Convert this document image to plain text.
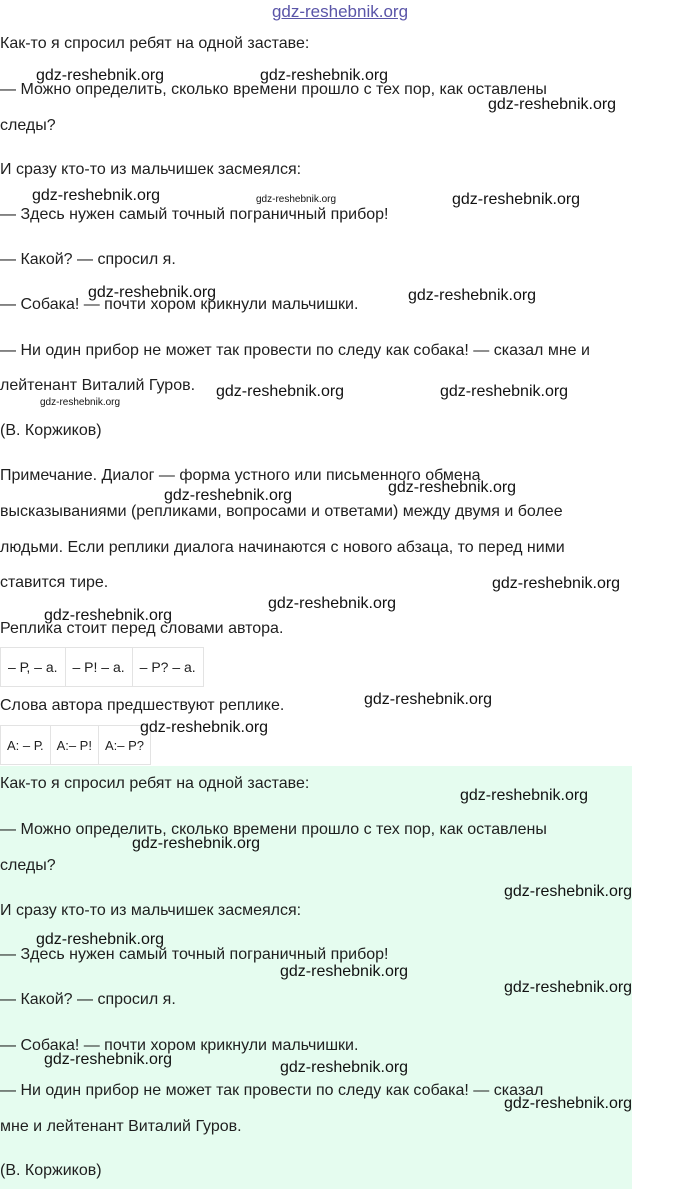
gdz-reshebnik.org
Как-то я спросил ребят на одной заставе:
— Можно определить, сколько времени прошло с тех пор, как оставлены
следы?
И сразу кто-то из мальчишек засмеялся:
— Здесь нужен самый точный пограничный прибор!
— Какой? — спросил я.
— Собака! — почти хором крикнули мальчишки.
— Ни один прибор не может так провести по следу как собака! — сказал мне и
лейтенант Виталий Гуров.
(В. Коржиков)
Примечание. Диалог — форма устного или письменного обмена
высказываниями (репликами, вопросами и ответами) между двумя и более
людьми. Если реплики диалога начинаются с нового абзаца, то перед ними
ставится тире.
Реплика стоит перед словами автора.
– Р, – а.	– Р! – а.	– Р? – а.
Слова автора предшествуют реплике.
А: – Р.	А:– Р!	А:– Р?
Как-то я спросил ребят на одной заставе:
— Можно определить, сколько времени прошло с тех пор, как оставлены
следы?
И сразу кто-то из мальчишек засмеялся:
— Здесь нужен самый точный пограничный прибор!
— Какой? — спросил я.
— Собака! — почти хором крикнули мальчишки.
— Ни один прибор не может так провести по следу как собака! — сказал
мне и лейтенант Виталий Гуров.
(В. Коржиков)
gdz-reshebnik.org	gdz-reshebnik.org
gdz-reshebnik.org
gdz-reshebnik.org	gdz-reshebnik.org	gdz-reshebnik.org
gdz-reshebnik.org	gdz-reshebnik.org
gdz-reshebnik.org	gdz-reshebnik.org
gdz-reshebnik.org
gdz-reshebnik.org
gdz-reshebnik.org
gdz-reshebnik.org
gdz-reshebnik.org
gdz-reshebnik.org
gdz-reshebnik.org
gdz-reshebnik.org
gdz-reshebnik.org
gdz-reshebnik.org
gdz-reshebnik.org
gdz-reshebnik.org
gdz-reshebnik.org
gdz-reshebnik.org
gdz-reshebnik.org	gdz-reshebnik.org
gdz-reshebnik.org
